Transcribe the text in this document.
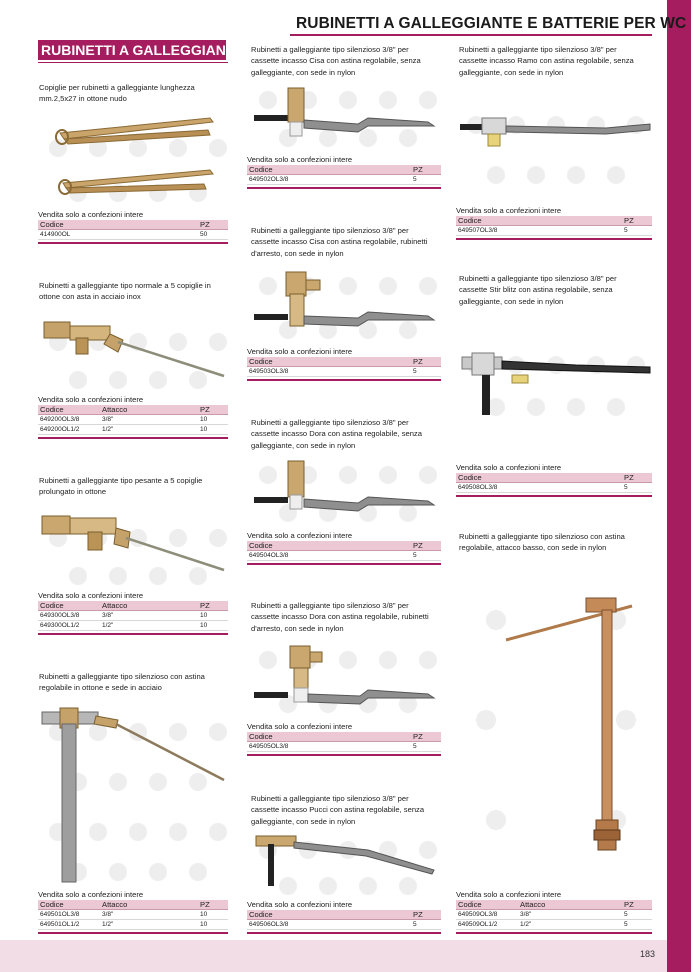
183
RUBINETTI A GALLEGGIANTE E BATTERIE PER WC
RUBINETTI A GALLEGGIANTE
Copiglie per rubinetti a galleggiante lunghezza mm.2,5x27 in ottone nudo
Vendita solo a confezioni intere
Codice	PZ
414900OL	50
Rubinetti a galleggiante tipo normale a 5 copiglie in ottone con asta in acciaio inox
Vendita solo a confezioni intere
Codice	Attacco	PZ
649200OL3/8	3/8"	10
649200OL1/2	1/2"	10
Rubinetti a galleggiante tipo pesante a 5 copiglie prolungato in ottone
Vendita solo a confezioni intere
Codice	Attacco	PZ
649300OL3/8	3/8"	10
649300OL1/2	1/2"	10
Rubinetti a galleggiante tipo silenzioso con astina regolabile in ottone e sede in acciaio
Vendita solo a confezioni intere
Codice	Attacco	PZ
649501OL3/8	3/8"	10
649501OL1/2	1/2"	10
Rubinetti a galleggiante tipo silenzioso 3/8" per cassette incasso Cisa con astina regolabile, senza galleggiante, con sede in nylon
Vendita solo a confezioni intere
Codice	PZ
649502OL3/8	5
Rubinetti a galleggiante tipo silenzioso 3/8" per cassette incasso Cisa con astina regolabile, rubinetti d'arresto, con sede in nylon
Vendita solo a confezioni intere
Codice	PZ
649503OL3/8	5
Rubinetti a galleggiante tipo silenzioso 3/8" per cassette incasso Dora con astina regolabile, senza galleggiante, con sede in nylon
Vendita solo a confezioni intere
Codice	PZ
649504OL3/8	5
Rubinetti a galleggiante tipo silenzioso 3/8" per cassette incasso Dora con astina regolabile, rubinetti d'arresto, con sede in nylon
Vendita solo a confezioni intere
Codice	PZ
649505OL3/8	5
Rubinetti a galleggiante tipo silenzioso 3/8" per cassette incasso Pucci con astina regolabile, senza galleggiante, con sede in nylon
Vendita solo a confezioni intere
Codice	PZ
649506OL3/8	5
Rubinetti a galleggiante tipo silenzioso 3/8" per cassette incasso Ramo con astina regolabile, senza galleggiante, con sede in nylon
Vendita solo a confezioni intere
Codice	PZ
649507OL3/8	5
Rubinetti a galleggiante tipo silenzioso 3/8" per cassette Stir blitz con astina regolabile, senza galleggiante, con sede in nylon
Vendita solo a confezioni intere
Codice	PZ
649508OL3/8	5
Rubinetti a galleggiante tipo silenzioso con astina regolabile, attacco basso, con sede in nylon
Vendita solo a confezioni intere
Codice	Attacco	PZ
649509OL3/8	3/8"	5
649509OL1/2	1/2"	5
